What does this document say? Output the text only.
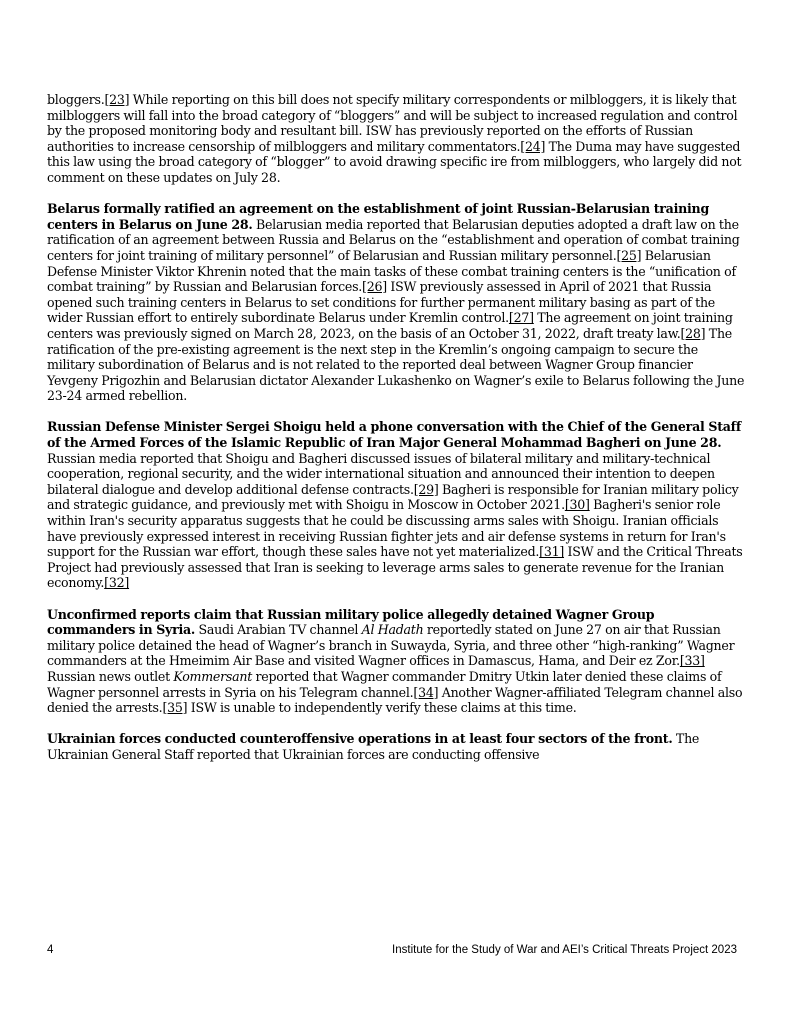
bloggers.[23] While reporting on this bill does not specify military correspondents or milbloggers, it is likely that milbloggers will fall into the broad category of “bloggers” and will be subject to increased regulation and control by the proposed monitoring body and resultant bill. ISW has previously reported on the efforts of Russian authorities to increase censorship of milbloggers and military commentators.[24] The Duma may have suggested this law using the broad category of “blogger” to avoid drawing specific ire from milbloggers, who largely did not comment on these updates on July 28.

Belarus formally ratified an agreement on the establishment of joint Russian-Belarusian training centers in Belarus on June 28. Belarusian media reported that Belarusian deputies adopted a draft law on the ratification of an agreement between Russia and Belarus on the “establishment and operation of combat training centers for joint training of military personnel” of Belarusian and Russian military personnel.[25] Belarusian Defense Minister Viktor Khrenin noted that the main tasks of these combat training centers is the “unification of combat training” by Russian and Belarusian forces.[26] ISW previously assessed in April of 2021 that Russia opened such training centers in Belarus to set conditions for further permanent military basing as part of the wider Russian effort to entirely subordinate Belarus under Kremlin control.[27] The agreement on joint training centers was previously signed on March 28, 2023, on the basis of an October 31, 2022, draft treaty law.[28] The ratification of the pre-existing agreement is the next step in the Kremlin’s ongoing campaign to secure the military subordination of Belarus and is not related to the reported deal between Wagner Group financier Yevgeny Prigozhin and Belarusian dictator Alexander Lukashenko on Wagner’s exile to Belarus following the June 23-24 armed rebellion.

Russian Defense Minister Sergei Shoigu held a phone conversation with the Chief of the General Staff of the Armed Forces of the Islamic Republic of Iran Major General Mohammad Bagheri on June 28. Russian media reported that Shoigu and Bagheri discussed issues of bilateral military and military-technical cooperation, regional security, and the wider international situation and announced their intention to deepen bilateral dialogue and develop additional defense contracts.[29] Bagheri is responsible for Iranian military policy and strategic guidance, and previously met with Shoigu in Moscow in October 2021.[30] Bagheri's senior role within Iran's security apparatus suggests that he could be discussing arms sales with Shoigu. Iranian officials have previously expressed interest in receiving Russian fighter jets and air defense systems in return for Iran's support for the Russian war effort, though these sales have not yet materialized.[31] ISW and the Critical Threats Project had previously assessed that Iran is seeking to leverage arms sales to generate revenue for the Iranian economy.[32]

Unconfirmed reports claim that Russian military police allegedly detained Wagner Group commanders in Syria. Saudi Arabian TV channel Al Hadath reportedly stated on June 27 on air that Russian military police detained the head of Wagner’s branch in Suwayda, Syria, and three other “high-ranking” Wagner commanders at the Hmeimim Air Base and visited Wagner offices in Damascus, Hama, and Deir ez Zor.[33] Russian news outlet Kommersant reported that Wagner commander Dmitry Utkin later denied these claims of Wagner personnel arrests in Syria on his Telegram channel.[34] Another Wagner-affiliated Telegram channel also denied the arrests.[35] ISW is unable to independently verify these claims at this time.

Ukrainian forces conducted counteroffensive operations in at least four sectors of the front. The Ukrainian General Staff reported that Ukrainian forces are conducting offensive

4	Institute for the Study of War and AEI’s Critical Threats Project 2023
